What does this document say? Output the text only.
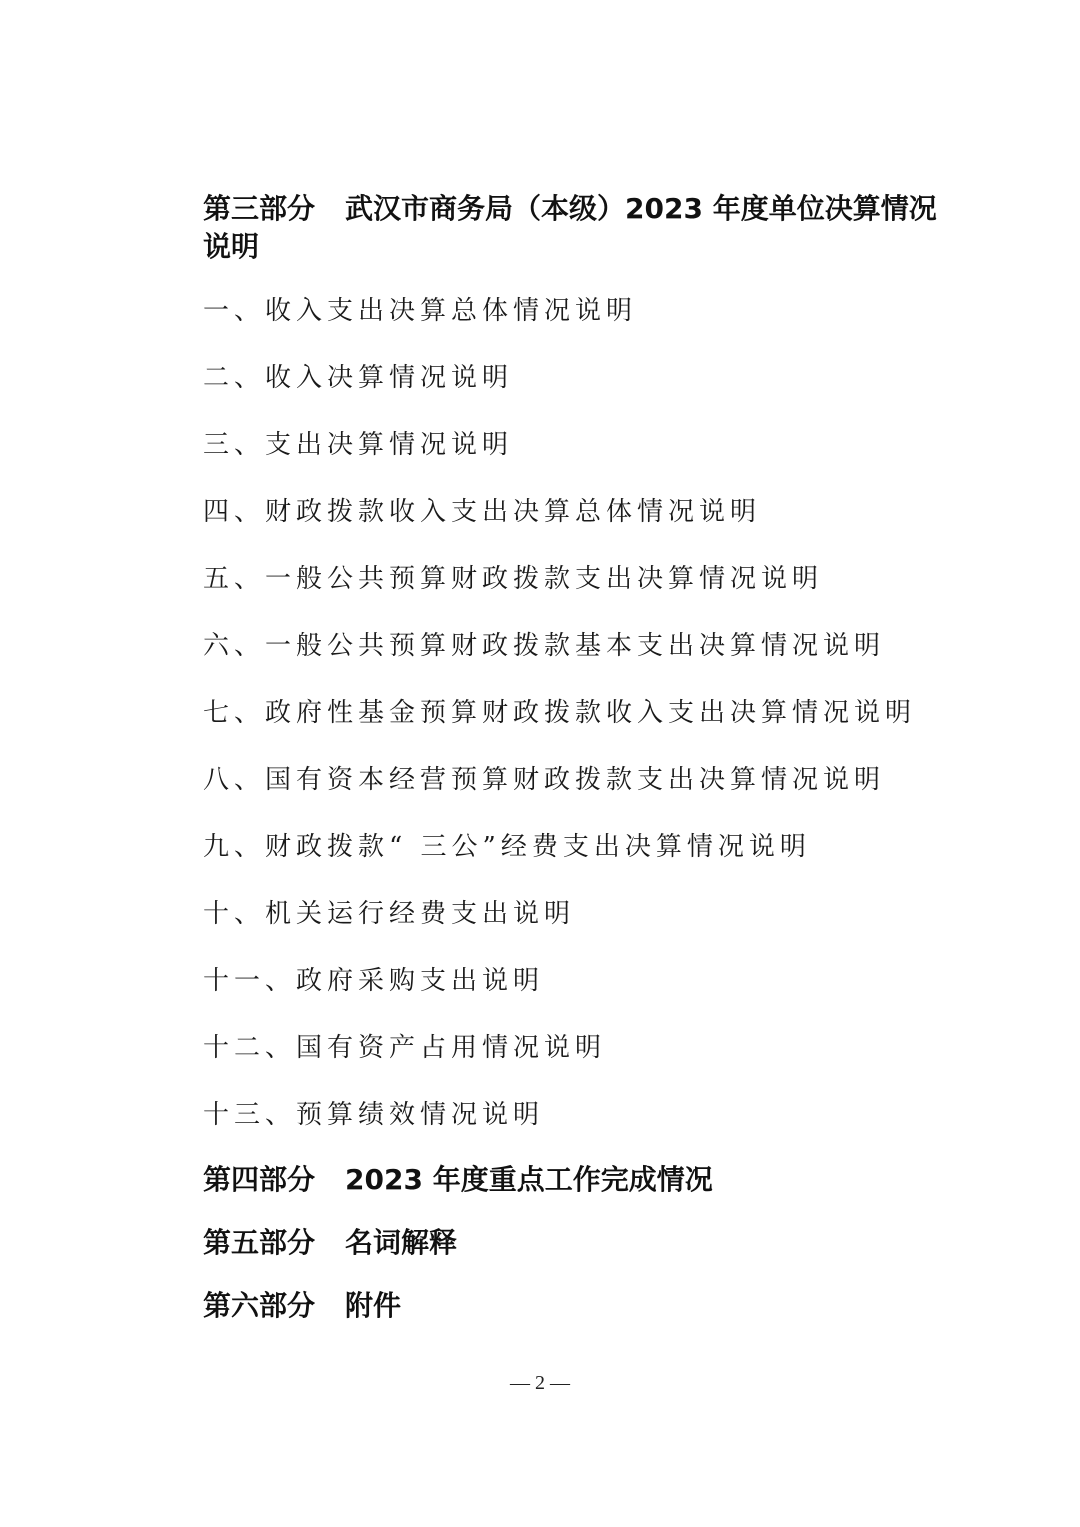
第三部分 武汉市商务局（本级）2023 年度单位决算情况说明
一、收入支出决算总体情况说明
二、收入决算情况说明
三、支出决算情况说明
四、财政拨款收入支出决算总体情况说明
五、一般公共预算财政拨款支出决算情况说明
六、一般公共预算财政拨款基本支出决算情况说明
七、政府性基金预算财政拨款收入支出决算情况说明
八、国有资本经营预算财政拨款支出决算情况说明
九、财政拨款“ 三公”经费支出决算情况说明
十、机关运行经费支出说明
十一、政府采购支出说明
十二、国有资产占用情况说明
十三、预算绩效情况说明
第四部分 2023 年度重点工作完成情况
第五部分 名词解释
第六部分 附件
— 2 —
